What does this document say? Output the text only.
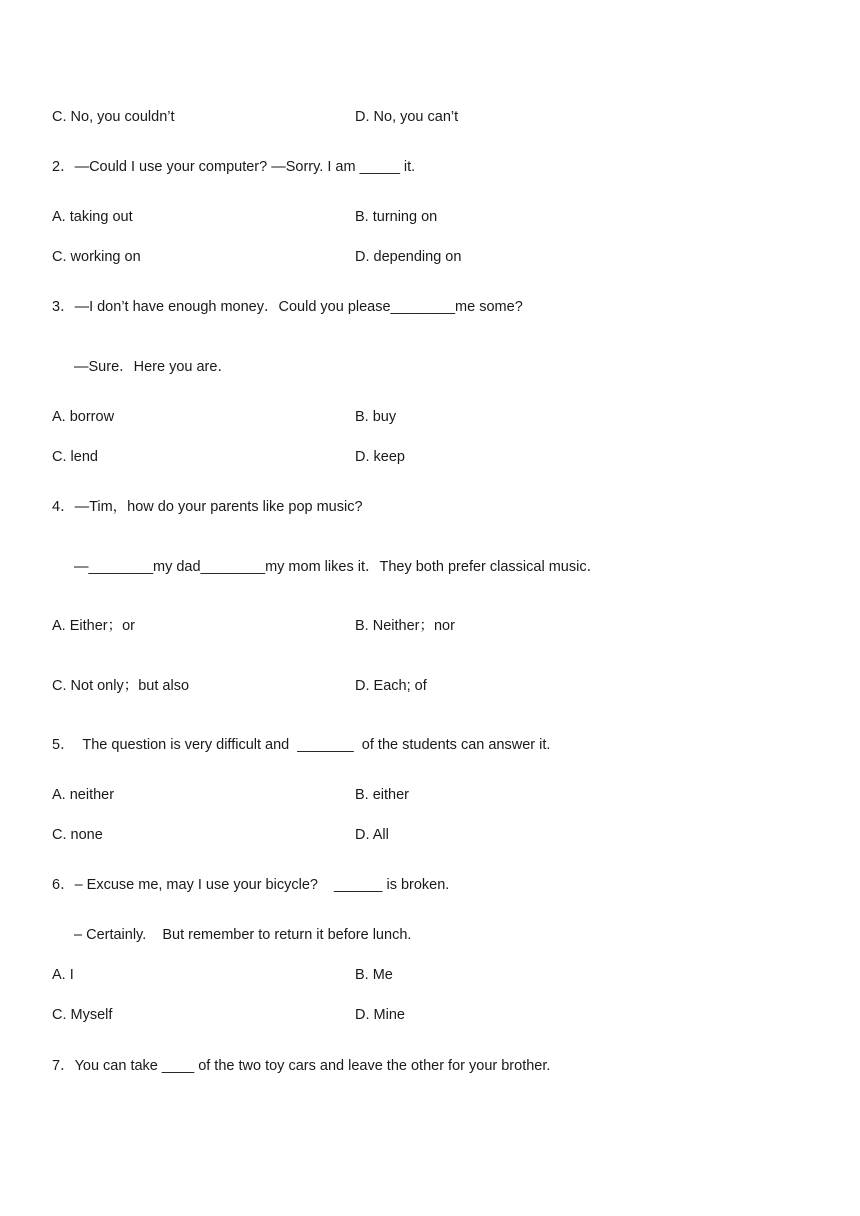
C. No, you couldn’t	D. No, you can’t
2．—Could I use your computer? —Sorry. I am _____ it.
A. taking out	B. turning on
C. working on	D. depending on
3．—I don’t have enough money．Could you please________me some?
—Sure．Here you are．
A. borrow	B. buy
C. lend	D. keep
4．—Tim，how do your parents like pop music?
—________my dad________my mom likes it．They both prefer classical music．
A. Either；or	B. Neither；nor
C. Not only；but also	D. Each; of
5．  The question is very difficult and  _______  of the students can answer it.
A. neither	B. either
C. none	D. All
6．– Excuse me, may I use your bicycle?    ______ is broken.
– Certainly.    But remember to return it before lunch.
A. I	B. Me
C. Myself	D. Mine
7．You can take ____ of the two toy cars and leave the other for your brother.
